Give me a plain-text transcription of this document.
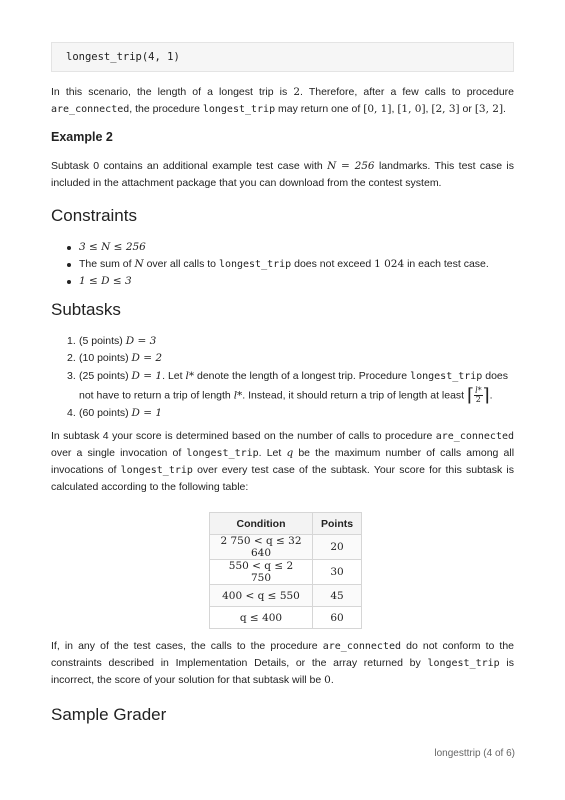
longest_trip(4, 1)

In this scenario, the length of a longest trip is 2. Therefore, after a few calls to procedure are_connected, the procedure longest_trip may return one of [0, 1], [1, 0], [2, 3] or [3, 2].

Example 2

Subtask 0 contains an additional example test case with N = 256 landmarks. This test case is included in the attachment package that you can download from the contest system.

Constraints
3 ≤ N ≤ 256
The sum of N over all calls to longest_trip does not exceed 1 024 in each test case.
1 ≤ D ≤ 3
Subtasks
1. (5 points) D = 3
2. (10 points) D = 2
3. (25 points) D = 1. Let l* denote the length of a longest trip. Procedure longest_trip does not have to return a trip of length l*. Instead, it should return a trip of length at least ⌈ $\frac{l*}{2}$ ⌉.
4. (60 points) D = 1

In subtask 4 your score is determined based on the number of calls to procedure are_connected over a single invocation of longest_trip. Let q be the maximum number of calls among all invocations of longest_trip over every test case of the subtask. Your score for this subtask is calculated according to the following table:

Condition	Points
2 750 < q ≤ 32 640	20
550 < q ≤ 2 750	30
400 < q ≤ 550	45
q ≤ 400	60

If, in any of the test cases, the calls to the procedure are_connected do not conform to the constraints described in Implementation Details, or the array returned by longest_trip is incorrect, the score of your solution for that subtask will be 0.

Sample Grader
longesttrip (4 of 6)
